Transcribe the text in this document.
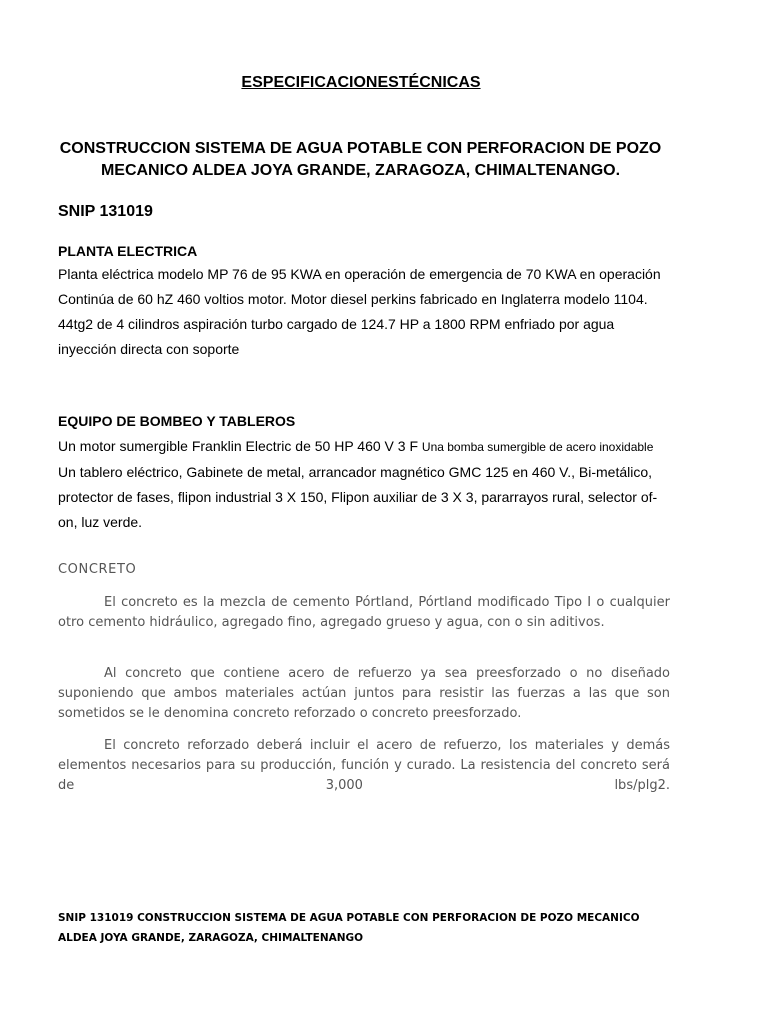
ESPECIFICACIONESTÉCNICAS
CONSTRUCCION SISTEMA DE AGUA POTABLE CON PERFORACION DE POZO MECANICO ALDEA JOYA GRANDE, ZARAGOZA, CHIMALTENANGO.
SNIP 131019
PLANTA ELECTRICA
Planta eléctrica modelo MP 76 de 95 KWA en operación de emergencia de 70 KWA en operación Continúa de 60 hZ 460 voltios motor. Motor diesel perkins fabricado en Inglaterra modelo 1104. 44tg2 de 4 cilindros aspiración turbo cargado de 124.7 HP a 1800 RPM enfriado por agua inyección directa con soporte
EQUIPO DE BOMBEO Y TABLEROS
Un motor sumergible Franklin Electric de 50 HP 460 V 3 F Una bomba sumergible de acero inoxidable Un tablero eléctrico, Gabinete de metal, arrancador magnético GMC 125 en 460 V., Bi-metálico, protector de fases, flipon industrial 3 X 150, Flipon auxiliar de 3 X 3, pararrayos rural, selector of-on, luz verde.
CONCRETO
El concreto es la mezcla de cemento Pórtland, Pórtland modificado Tipo I o cualquier otro cemento hidráulico, agregado fino, agregado grueso y agua, con o sin aditivos.
Al concreto que contiene acero de refuerzo ya sea preesforzado o no diseñado suponiendo que ambos materiales actúan juntos para resistir las fuerzas a las que son sometidos se le denomina concreto reforzado o concreto preesforzado.
El concreto reforzado deberá incluir el acero de refuerzo, los materiales y demás elementos necesarios para su producción, función y curado. La resistencia del concreto será de 3,000 lbs/plg2.
SNIP 131019 CONSTRUCCION SISTEMA DE AGUA POTABLE CON PERFORACION DE POZO MECANICO ALDEA JOYA GRANDE, ZARAGOZA, CHIMALTENANGO
